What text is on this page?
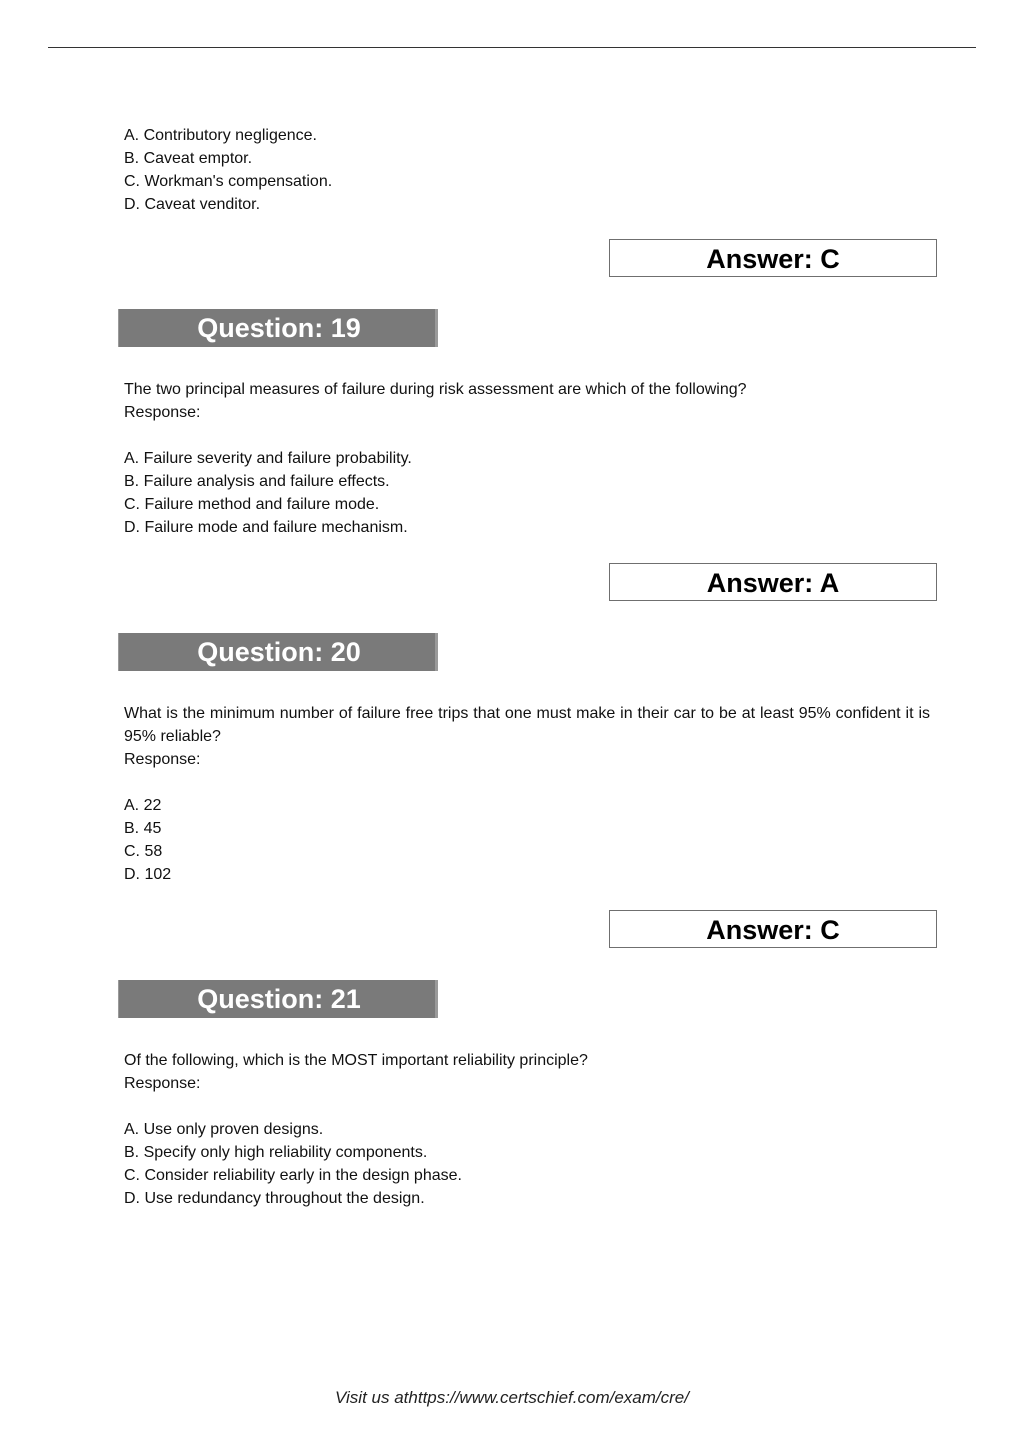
A. Contributory negligence.
B. Caveat emptor.
C. Workman's compensation.
D. Caveat venditor.
Answer: C
Question: 19
The two principal measures of failure during risk assessment are which of the following?
Response:
A. Failure severity and failure probability.
B. Failure analysis and failure effects.
C. Failure method and failure mode.
D. Failure mode and failure mechanism.
Answer: A
Question: 20
What is the minimum number of failure free trips that one must make in their car to be at least 95% confident it is 95% reliable?
Response:
A. 22
B. 45
C. 58
D. 102
Answer: C
Question: 21
Of the following, which is the MOST important reliability principle?
Response:
A. Use only proven designs.
B. Specify only high reliability components.
C. Consider reliability early in the design phase.
D. Use redundancy throughout the design.
Visit us athttps://www.certschief.com/exam/cre/
